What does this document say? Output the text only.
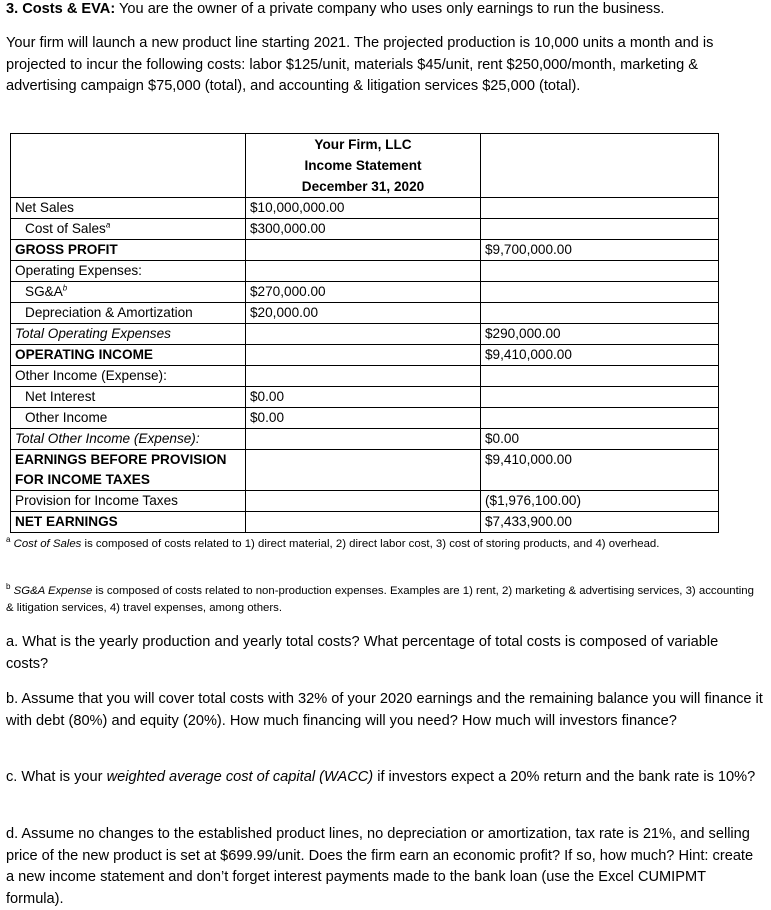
3. Costs & EVA: You are the owner of a private company who uses only earnings to run the business.
Your firm will launch a new product line starting 2021. The projected production is 10,000 units a month and is projected to incur the following costs: labor $125/unit, materials $45/unit, rent $250,000/month, marketing & advertising campaign $75,000 (total), and accounting & litigation services $25,000 (total).

	Your Firm, LLC
Income Statement
December 31, 2020	

Net Sales	$10,000,000.00	
Cost of Sales$^a$	$300,000.00	
GROSS PROFIT		$9,700,000.00
Operating Expenses:		
$SG\&A^b$	$270,000.00	
Depreciation & Amortization	$20,000.00	
Total Operating Expenses		$290,000.00
OPERATING INCOME		$9,410,000.00
Other Income (Expense):		
Net Interest	$0.00	
Other Income	$0.00	
Total Other Income (Expense):		$0.00
EARNINGS BEFORE PROVISION		$9,410,000.00
FOR INCOME TAXES		
Provision for Income Taxes		($1,976,100.00)
NET EARNINGS		$7,433,900.00
$^a$ Cost of Sales is composed of costs related to 1) direct material, 2) direct labor cost, 3) cost of storing products, and 4) overhead.
$^b$ SG&A Expense is composed of costs related to non-production expenses. Examples are 1) rent, 2) marketing & advertising services, 3) accounting & litigation services, 4) travel expenses, among others.
a. What is the yearly production and yearly total costs? What percentage of total costs is composed of variable costs?
b. Assume that you will cover total costs with 32% of your 2020 earnings and the remaining balance you will finance it with debt (80%) and equity (20%). How much financing will you need? How much will investors finance?
c. What is your weighted average cost of capital (WACC) if investors expect a 20% return and the bank rate is 10%?
d. Assume no changes to the established product lines, no depreciation or amortization, tax rate is 21%, and selling price of the new product is set at $699.99/unit. Does the firm earn an economic profit? If so, how much? Hint: create a new income statement and don’t forget interest payments made to the bank loan (use the Excel CUMIPMT formula).
